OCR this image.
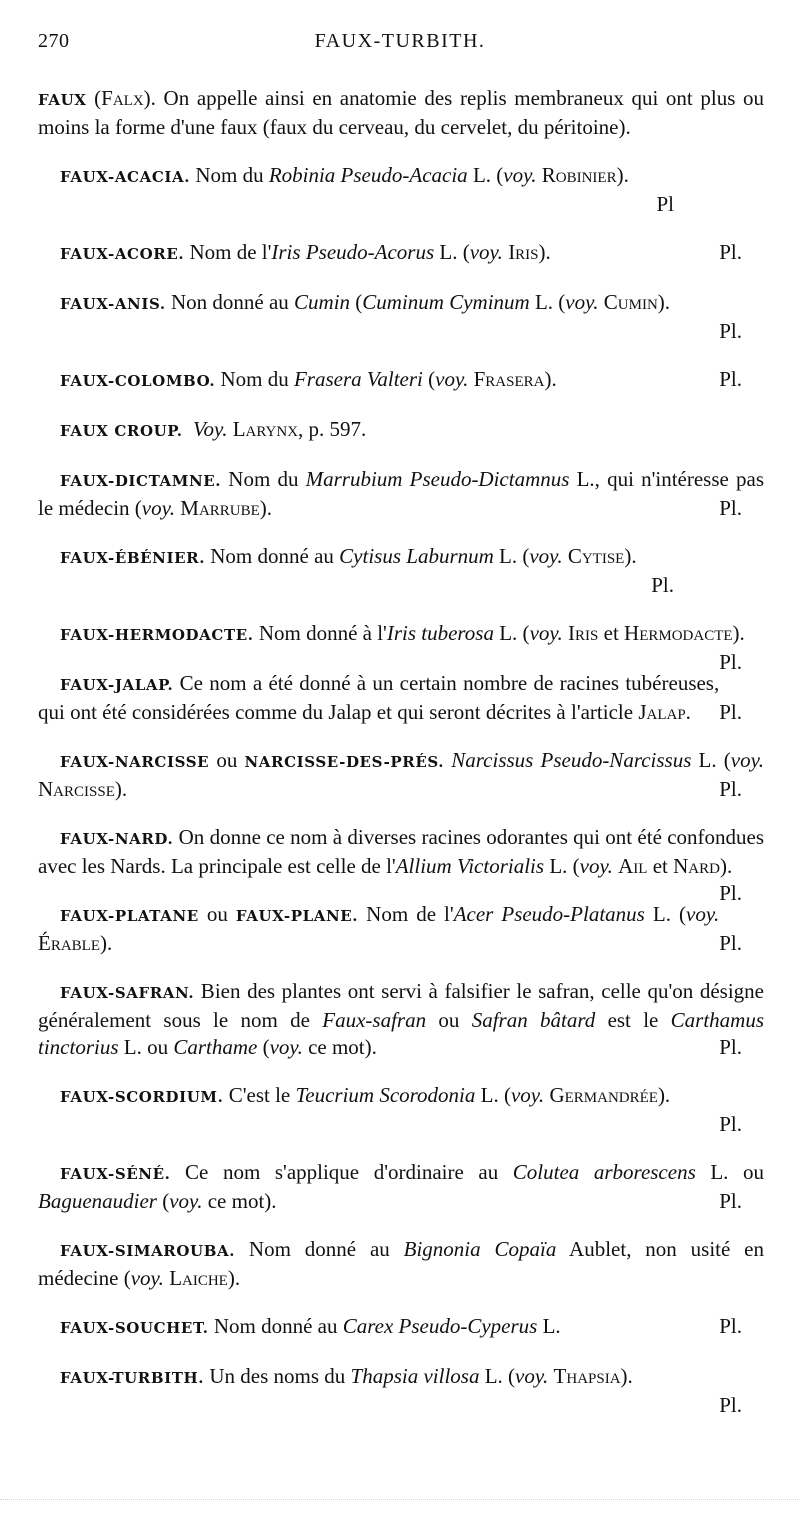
270	FAUX-TURBITH.

FAUX (Falx). On appelle ainsi en anatomie des replis membraneux qui ont plus ou moins la forme d'une faux (faux du cerveau, du cervelet, du péritoine).

FAUX-ACACIA. Nom du Robinia Pseudo-Acacia L. (voy. Robinier).
Pl

FAUX-ACORE. Nom de l'Iris Pseudo-Acorus L. (voy. Iris).	Pl.

FAUX-ANIS. Non donné au Cumin (Cuminum Cyminum L. (voy. Cumin).
Pl.

FAUX-COLOMBO. Nom du Frasera Valteri (voy. Frasera).	Pl.

FAUX CROUP. Voy. Larynx, p. 597.

FAUX-DICTAMNE. Nom du Marrubium Pseudo-Dictamnus L., qui n'intéresse pas le médecin (voy. Marrube).	Pl.

FAUX-ÉBÉNIER. Nom donné au Cytisus Laburnum L. (voy. Cytise).
Pl.

FAUX-HERMODACTE. Nom donné à l'Iris tuberosa L. (voy. Iris et Hermodacte).
Pl.

FAUX-JALAP. Ce nom a été donné à un certain nombre de racines tubéreuses, qui ont été considérées comme du Jalap et qui seront décrites à l'article Jalap. Pl.

FAUX-NARCISSE ou NARCISSE-DES-PRÉS. Narcissus Pseudo-Narcissus L. (voy. Narcisse).	Pl.

FAUX-NARD. On donne ce nom à diverses racines odorantes qui ont été confondues avec les Nards. La principale est celle de l'Allium Victorialis L. (voy. Ail et Nard).
Pl.

FAUX-PLATANE ou FAUX-PLANE. Nom de l'Acer Pseudo-Platanus L. (voy. Érable).	Pl.

FAUX-SAFRAN. Bien des plantes ont servi à falsifier le safran, celle qu'on désigne généralement sous le nom de Faux-safran ou Safran bâtard est le Carthamus tinctorius L. ou Carthame (voy. ce mot).	Pl.

FAUX-SCORDIUM. C'est le Teucrium Scorodonia L. (voy. Germandrée).
Pl.

FAUX-SÉNÉ. Ce nom s'applique d'ordinaire au Colutea arborescens L. ou Baguenaudier (voy. ce mot).	Pl.

FAUX-SIMAROUBA. Nom donné au Bignonia Copaïa Aublet, non usité en médecine (voy. Laiche).

FAUX-SOUCHET. Nom donné au Carex Pseudo-Cyperus L.	Pl.

FAUX-TURBITH. Un des noms du Thapsia villosa L. (voy. Thapsia).
Pl.
